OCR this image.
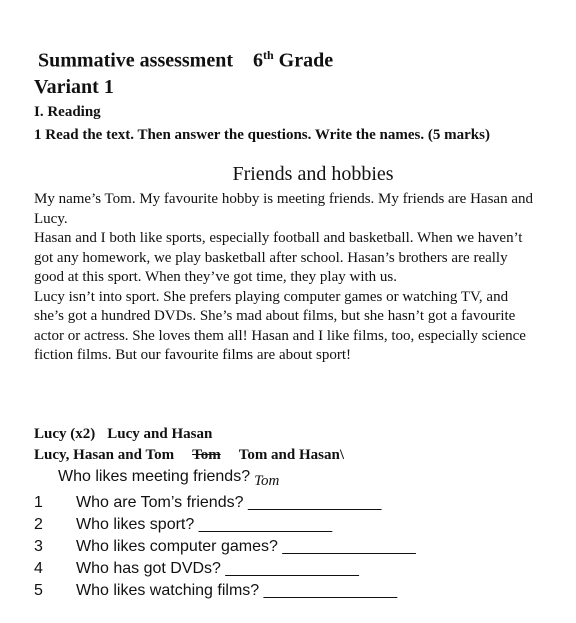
Summative assessment 6th Grade
Variant 1
I. Reading
1 Read the text. Then answer the questions. Write the names. (5 marks)
Friends and hobbies
My name’s Tom. My favourite hobby is meeting friends. My friends are Hasan and
Lucy.
Hasan and I both like sports, especially football and basketball. When we haven’t
got any homework, we play basketball after school. Hasan’s brothers are really
good at this sport. When they’ve got time, they play with us.
Lucy isn’t into sport. She prefers playing computer games or watching TV, and
she’s got a hundred DVDs. She’s mad about films, but she hasn’t got a favourite
actor or actress. She loves them all! Hasan and I like films, too, especially science
fiction films. But our favourite films are about sport!
Lucy (x2) Lucy and Hasan
Lucy, Hasan and Tom Tom Tom and Hasan\
Who likes meeting friends? Tom
1 Who are Tom’s friends? _______________
2 Who likes sport? _______________
3 Who likes computer games? _______________
4 Who has got DVDs? _______________
5 Who likes watching films? _______________
